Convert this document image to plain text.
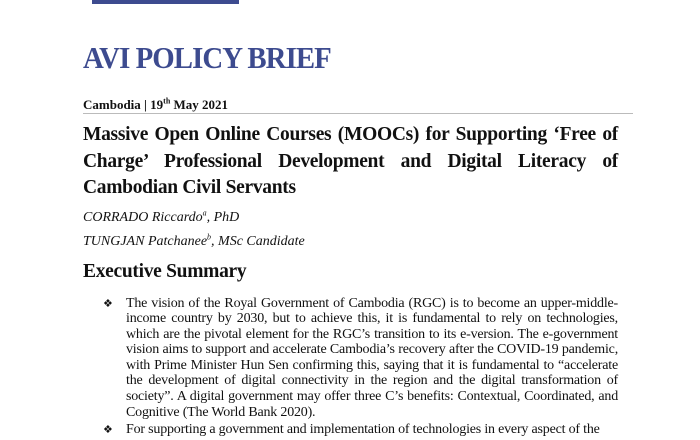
AVI POLICY BRIEF
Cambodia | 19th May 2021
Massive Open Online Courses (MOOCs) for Supporting ‘Free of Charge’ Professional Development and Digital Literacy of Cambodian Civil Servants
CORRADO Riccardo$^a$, PhD
TUNGJAN Patchanee$^b$, MSc Candidate
Executive Summary
❖ The vision of the Royal Government of Cambodia (RGC) is to become an upper-middle-income country by 2030, but to achieve this, it is fundamental to rely on technologies, which are the pivotal element for the RGC’s transition to its e-version. The e-government vision aims to support and accelerate Cambodia’s recovery after the COVID-19 pandemic, with Prime Minister Hun Sen confirming this, saying that it is fundamental to “accelerate the development of digital connectivity in the region and the digital transformation of society”. A digital government may offer three C’s benefits: Contextual, Coordinated, and Cognitive (The World Bank 2020).
❖ For supporting a government and implementation of technologies in every aspect of the
